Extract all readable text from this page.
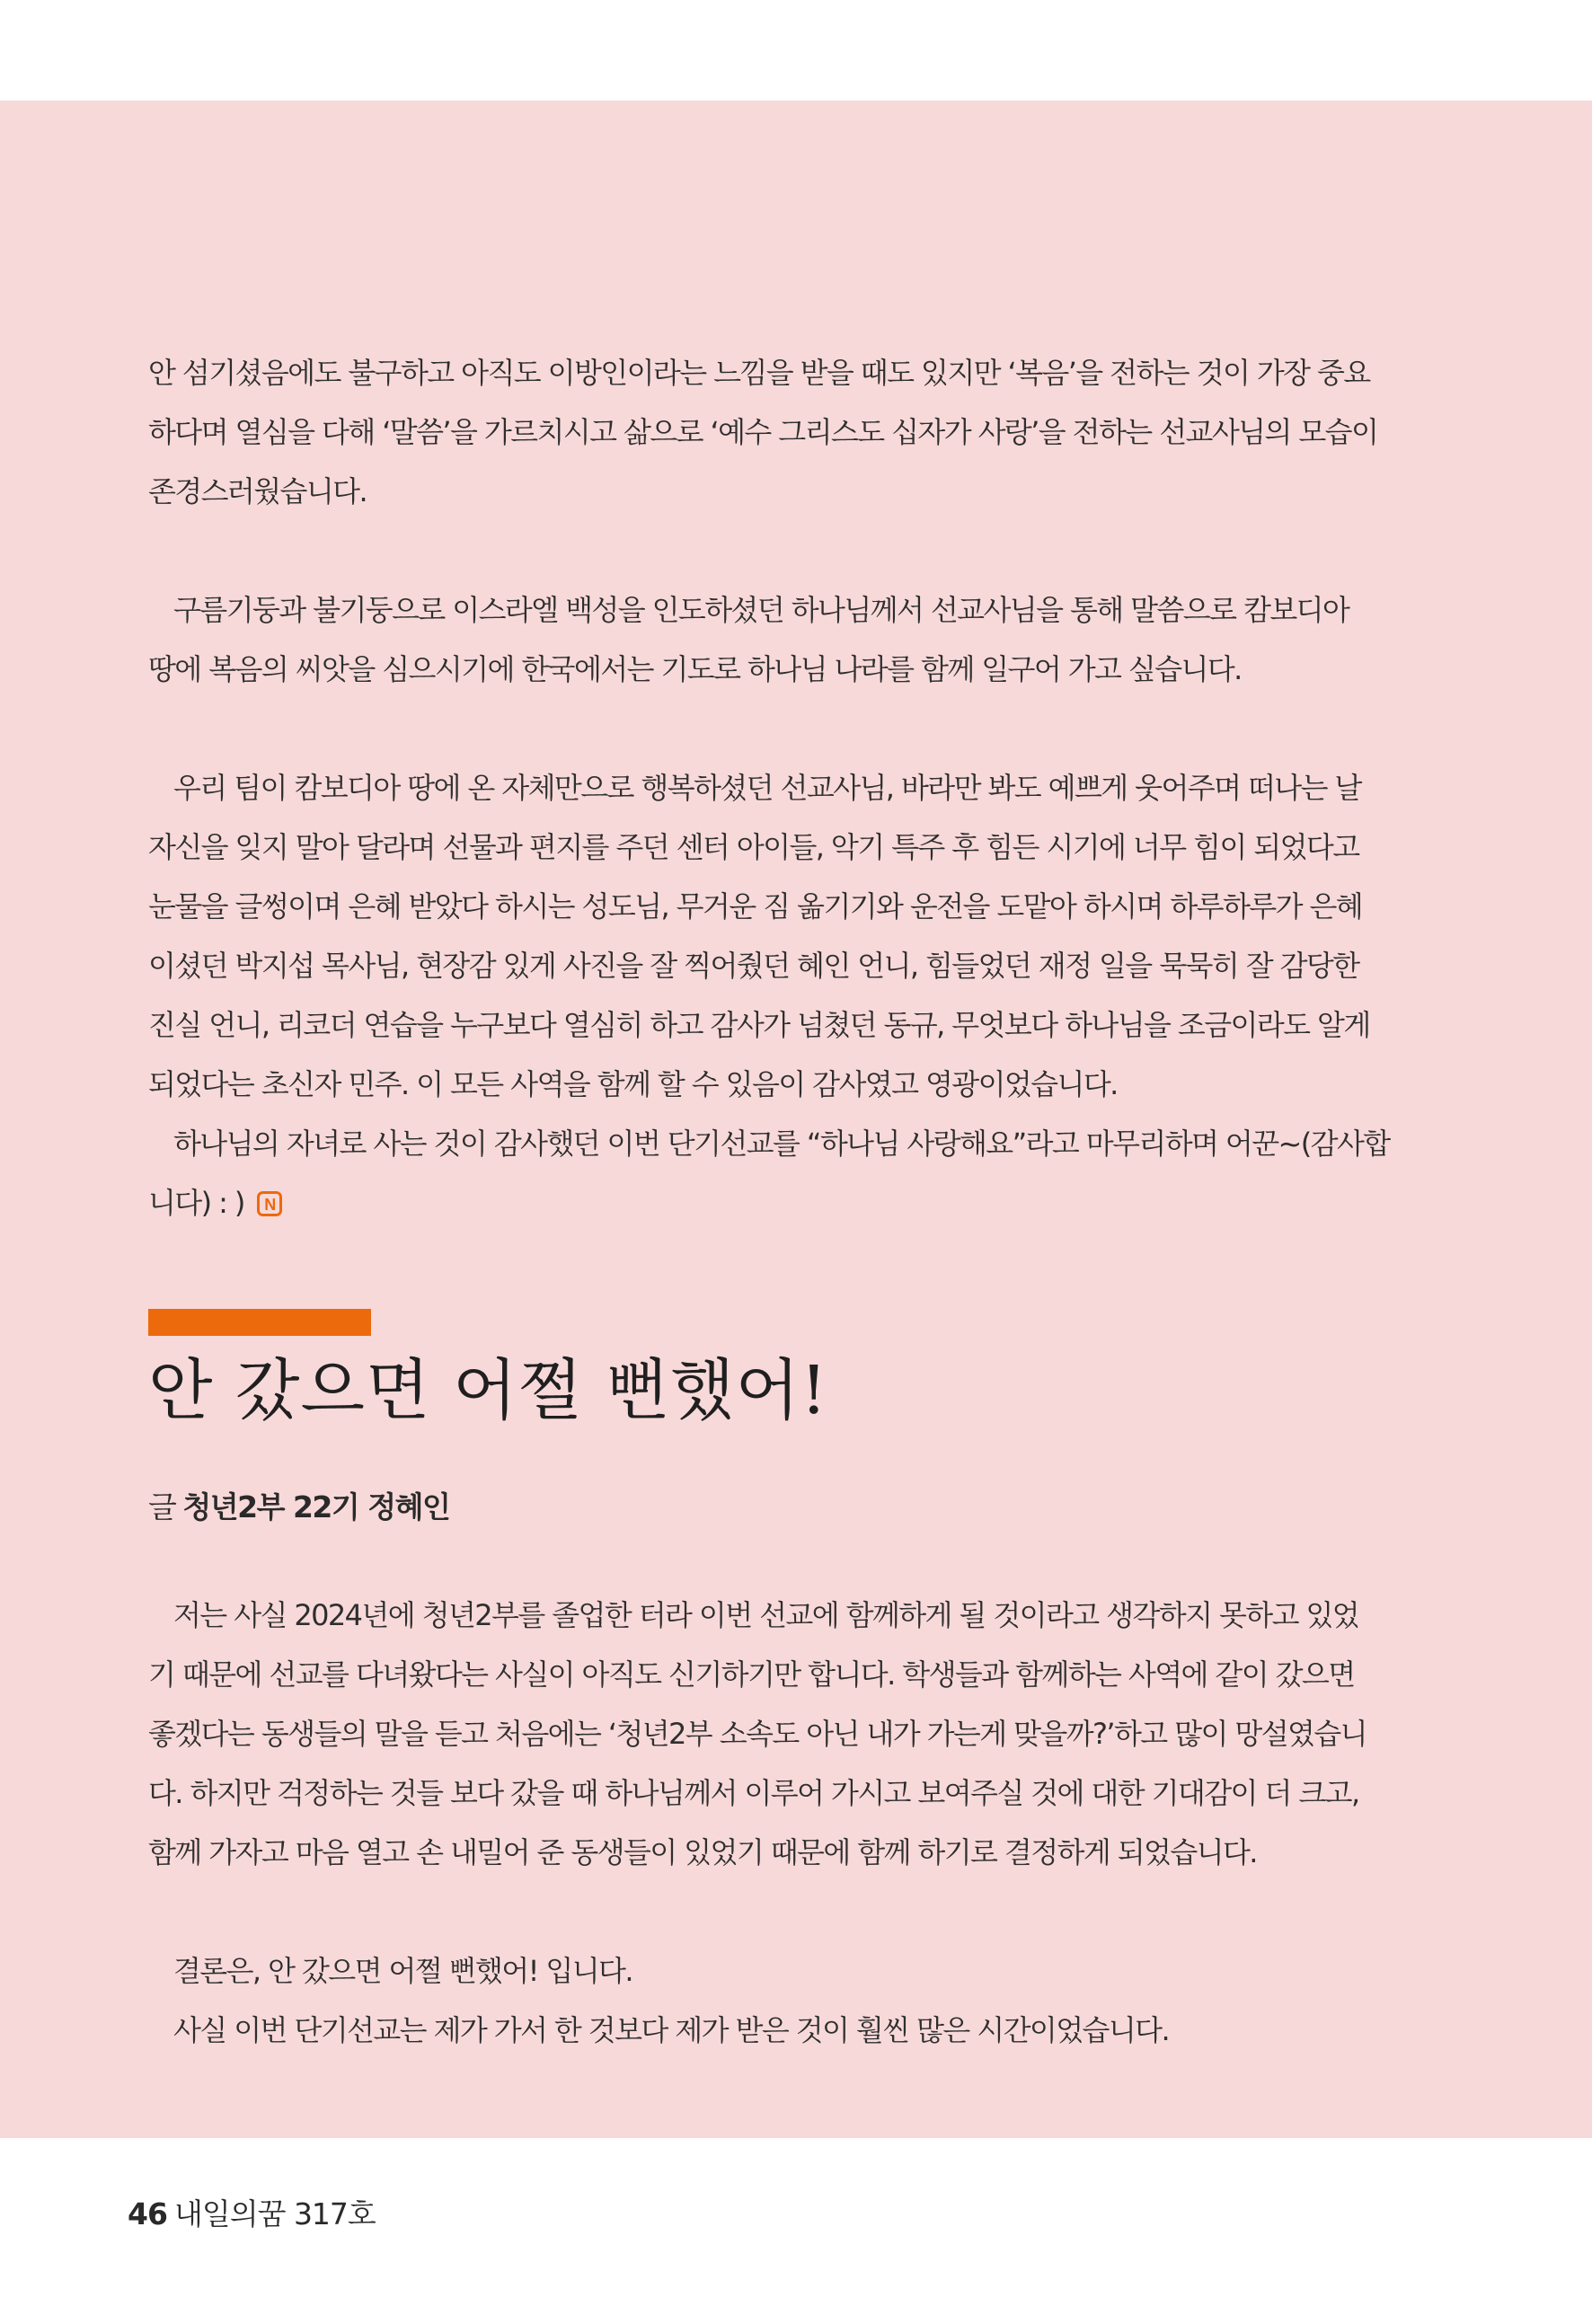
안 섬기셨음에도 불구하고 아직도 이방인이라는 느낌을 받을 때도 있지만 ‘복음’을 전하는 것이 가장 중요

하다며 열심을 다해 ‘말씀’을 가르치시고 삶으로 ‘예수 그리스도 십자가 사랑’을 전하는 선교사님의 모습이

존경스러웠습니다.

구름기둥과 불기둥으로 이스라엘 백성을 인도하셨던 하나님께서 선교사님을 통해 말씀으로 캄보디아

땅에 복음의 씨앗을 심으시기에 한국에서는 기도로 하나님 나라를 함께 일구어 가고 싶습니다.

우리 팀이 캄보디아 땅에 온 자체만으로 행복하셨던 선교사님, 바라만 봐도 예쁘게 웃어주며 떠나는 날

자신을 잊지 말아 달라며 선물과 편지를 주던 센터 아이들, 악기 특주 후 힘든 시기에 너무 힘이 되었다고

눈물을 글썽이며 은혜 받았다 하시는 성도님, 무거운 짐 옮기기와 운전을 도맡아 하시며 하루하루가 은혜

이셨던 박지섭 목사님, 현장감 있게 사진을 잘 찍어줬던 혜인 언니, 힘들었던 재정 일을 묵묵히 잘 감당한

진실 언니, 리코더 연습을 누구보다 열심히 하고 감사가 넘쳤던 동규, 무엇보다 하나님을 조금이라도 알게

되었다는 초신자 민주. 이 모든 사역을 함께 할 수 있음이 감사였고 영광이었습니다.

하나님의 자녀로 사는 것이 감사했던 이번 단기선교를 “하나님 사랑해요”라고 마무리하며 어꾼~(감사합

니다) : ) N

안 갔으면 어쩔 뻔했어!
글 청년2부 22기 정혜인

저는 사실 2024년에 청년2부를 졸업한 터라 이번 선교에 함께하게 될 것이라고 생각하지 못하고 있었

기 때문에 선교를 다녀왔다는 사실이 아직도 신기하기만 합니다. 학생들과 함께하는 사역에 같이 갔으면

좋겠다는 동생들의 말을 듣고 처음에는 ‘청년2부 소속도 아닌 내가 가는게 맞을까?’하고 많이 망설였습니

다. 하지만 걱정하는 것들 보다 갔을 때 하나님께서 이루어 가시고 보여주실 것에 대한 기대감이 더 크고,

함께 가자고 마음 열고 손 내밀어 준 동생들이 있었기 때문에 함께 하기로 결정하게 되었습니다.

결론은, 안 갔으면 어쩔 뻔했어! 입니다.

사실 이번 단기선교는 제가 가서 한 것보다 제가 받은 것이 훨씬 많은 시간이었습니다.

46 내일의꿈 317호
